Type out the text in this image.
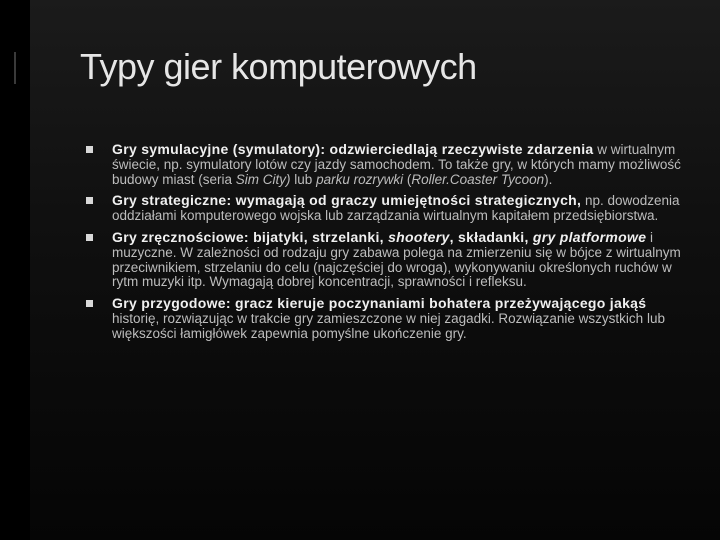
Typy gier komputerowych
Gry symulacyjne (symulatory): odzwierciedlają rzeczywiste zdarzenia w wirtualnym świecie, np. symulatory lotów czy jazdy samochodem. To także gry, w których mamy możliwość budowy miast (seria Sim City) lub parku rozrywki (Roller.Coaster Tycoon).
Gry strategiczne: wymagają od graczy umiejętności strategicznych, np. dowodzenia oddziałami komputerowego wojska lub zarządzania wirtualnym kapitałem przedsiębiorstwa.
Gry zręcznościowe: bijatyki, strzelanki, shootery, składanki, gry platformowe i muzyczne. W zależności od rodzaju gry zabawa polega na zmierzeniu się w bójce z wirtualnym przeciwnikiem, strzelaniu do celu (najczęściej do wroga), wykonywaniu określonych ruchów w rytm muzyki itp. Wymagają dobrej koncentracji, sprawności i refleksu.
Gry przygodowe: gracz kieruje poczynaniami bohatera przeżywającego jakąś historię, rozwiązując w trakcie gry zamieszczone w niej zagadki. Rozwiązanie wszystkich lub większości łamigłówek zapewnia pomyślne ukończenie gry.
